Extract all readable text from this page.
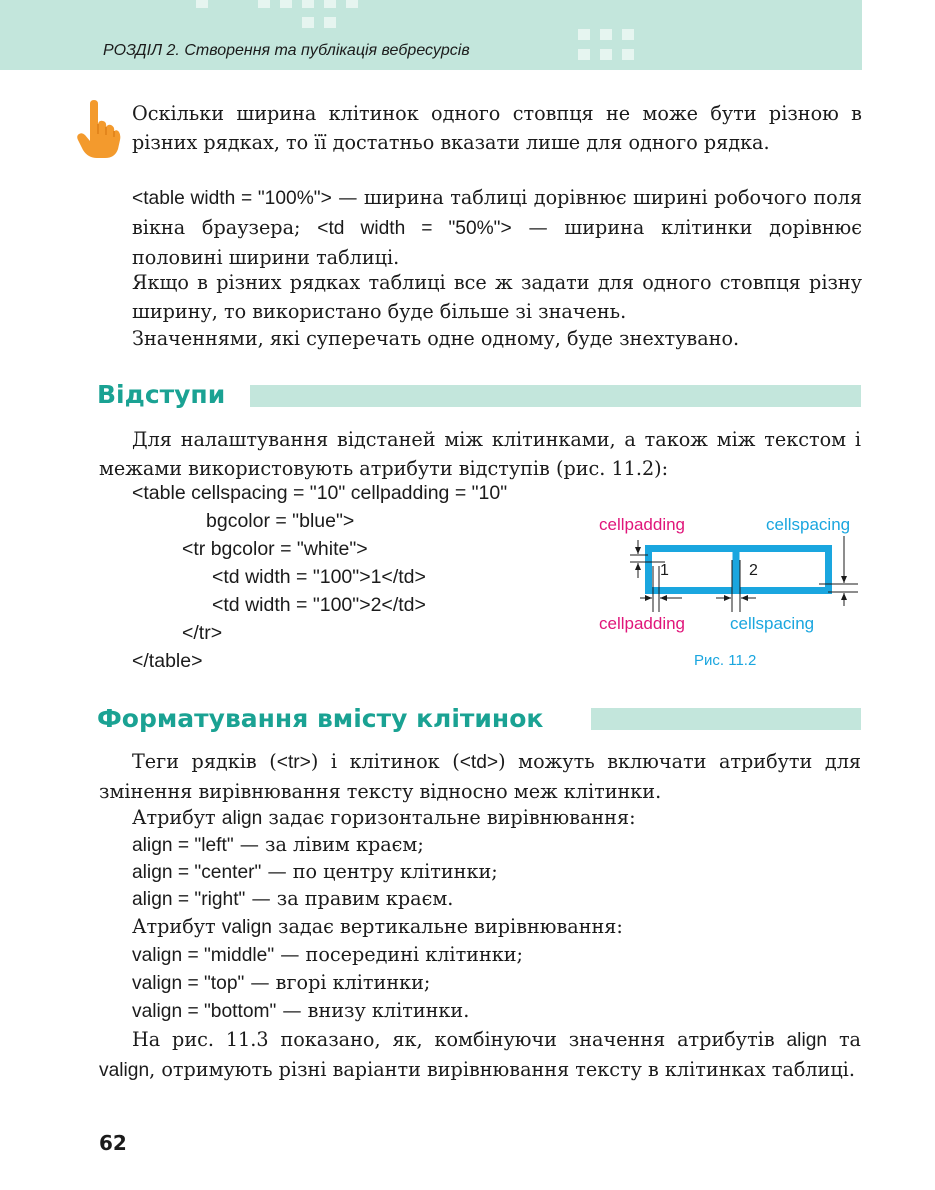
РОЗДІЛ 2. Створення та публікація вебресурсів

Оскільки ширина клітинок одного стовпця не може бути різною в різних рядках, то її достатньо вказати лише для одного рядка.

<table width = "100%"> — ширина таблиці дорівнює ширині робочого поля вікна браузера; <td width = "50%"> — ширина клітинки дорівнює половині ширини таблиці.

Якщо в різних рядках таблиці все ж задати для одного стовпця різну ширину, то використано буде більше зі значень.

Значеннями, які суперечать одне одному, буде знехтувано.

Відступи

Для налаштування відстаней між клітинками, а також між текстом і межами використовують атрибути відступів (рис. 11.2):

<table cellspacing = "10" cellpadding = "10"
bgcolor = "blue">
<tr bgcolor = "white">
<td width = "100">1</td>
<td width = "100">2</td>
</tr>
</table>
cellpadding	cellspacing
1	2
cellpadding	cellspacing
Рис. 11.2
Форматування вмісту клітинок

Теги рядків (<tr>) і клітинок (<td>) можуть включати атрибути для змінення вирівнювання тексту відносно меж клітинки.

Атрибут align задає горизонтальне вирівнювання:

align = "left" — за лівим краєм;

align = "center" — по центру клітинки;

align = "right" — за правим краєм.

Атрибут valign задає вертикальне вирівнювання:

valign = "middle" — посередині клітинки;

valign = "top" — вгорі клітинки;

valign = "bottom" — внизу клітинки.

На рис. 11.3 показано, як, комбінуючи значення атрибутів align та valign, отримують різні варіанти вирівнювання тексту в клітинках таблиці.

62
